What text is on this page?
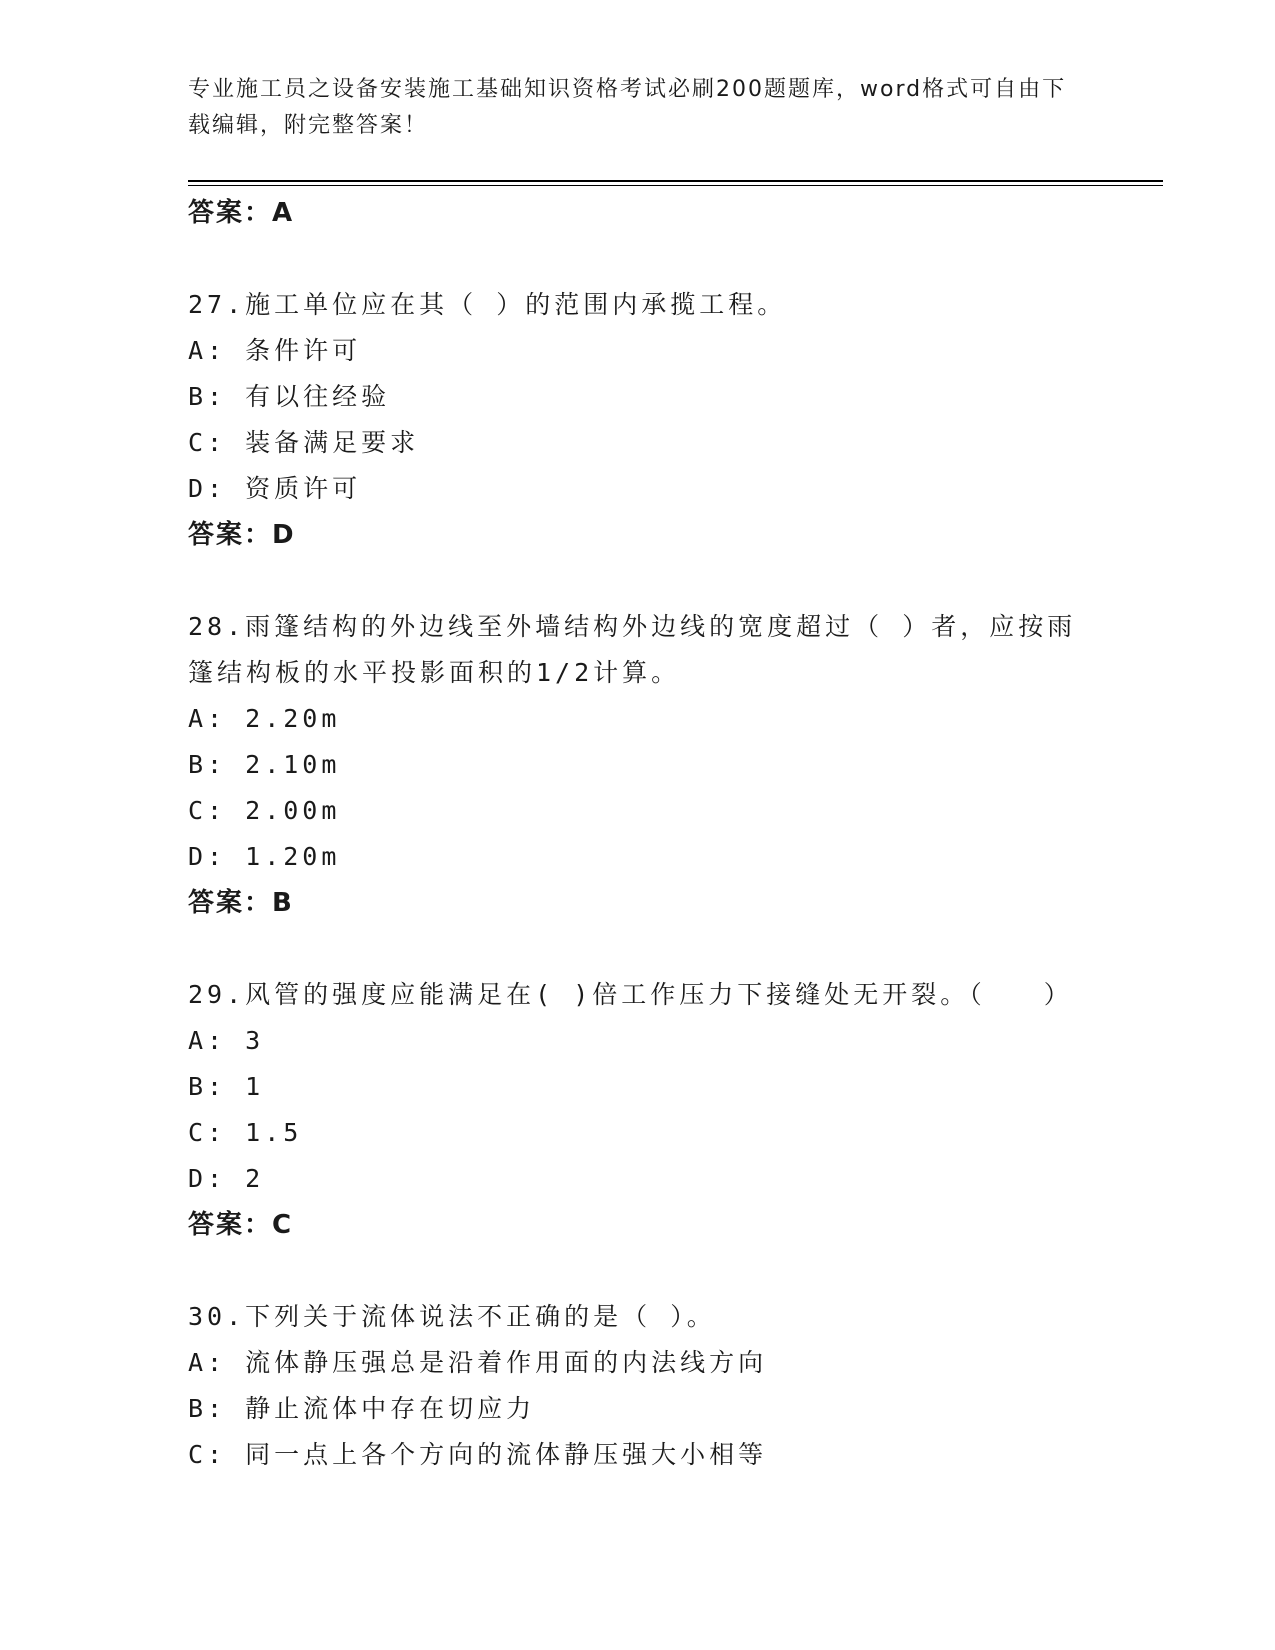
专业施工员之设备安装施工基础知识资格考试必刷200题题库，word格式可自由下载编辑，附完整答案！
答案：A
27.施工单位应在其（ ）的范围内承揽工程。
A: 条件许可
B: 有以往经验
C: 装备满足要求
D: 资质许可
答案：D
28.雨篷结构的外边线至外墙结构外边线的宽度超过（ ）者，应按雨
篷结构板的水平投影面积的1/2计算。
A: 2.20m
B: 2.10m
C: 2.00m
D: 1.20m
答案：B
29.风管的强度应能满足在( )倍工作压力下接缝处无开裂。（　　）
A: 3
B: 1
C: 1.5
D: 2
答案：C
30.下列关于流体说法不正确的是（ ）。
A: 流体静压强总是沿着作用面的内法线方向
B: 静止流体中存在切应力
C: 同一点上各个方向的流体静压强大小相等
